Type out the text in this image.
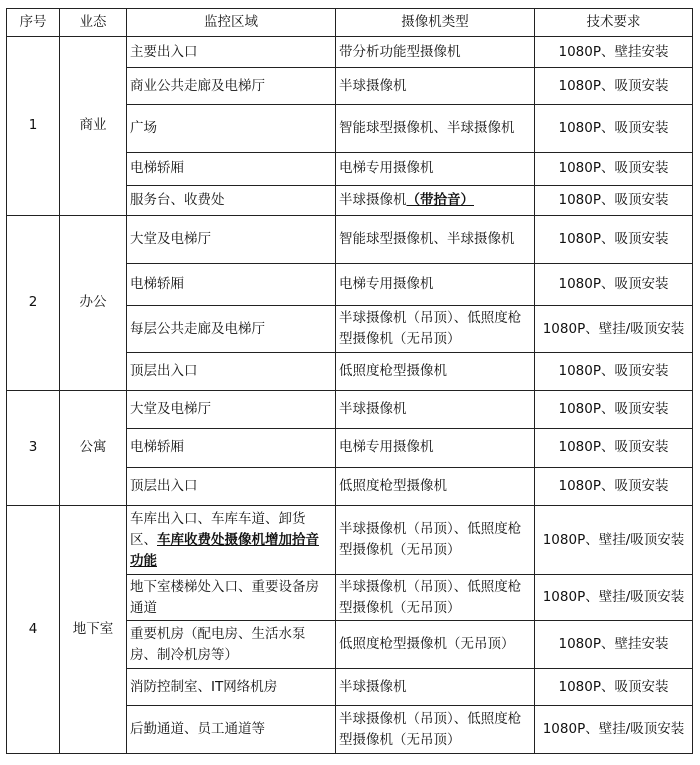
序号	业态	监控区域	摄像机类型	技术要求
1	商业	主要出入口	带分析功能型摄像机	1080P、壁挂安装
		商业公共走廊及电梯厅	半球摄像机	1080P、吸顶安装
		广场	智能球型摄像机、半球摄像机	1080P、吸顶安装
		电梯轿厢	电梯专用摄像机	1080P、吸顶安装
		服务台、收费处	半球摄像机（带拾音）	1080P、吸顶安装
2	办公	大堂及电梯厅	智能球型摄像机、半球摄像机	1080P、吸顶安装
		电梯轿厢	电梯专用摄像机	1080P、吸顶安装
		每层公共走廊及电梯厅	半球摄像机（吊顶）、低照度枪型摄像机（无吊顶）	1080P、壁挂/吸顶安装
		顶层出入口	低照度枪型摄像机	1080P、吸顶安装
3	公寓	大堂及电梯厅	半球摄像机	1080P、吸顶安装
		电梯轿厢	电梯专用摄像机	1080P、吸顶安装
		顶层出入口	低照度枪型摄像机	1080P、吸顶安装
4	地下室	车库出入口、车库车道、卸货区、车库收费处摄像机增加拾音功能	半球摄像机（吊顶）、低照度枪型摄像机（无吊顶）	1080P、壁挂/吸顶安装
		地下室楼梯处入口、重要设备房通道	半球摄像机（吊顶）、低照度枪型摄像机（无吊顶）	1080P、壁挂/吸顶安装
		重要机房（配电房、生活水泵房、制冷机房等）	低照度枪型摄像机（无吊顶）	1080P、壁挂安装
		消防控制室、IT网络机房	半球摄像机	1080P、吸顶安装
		后勤通道、员工通道等	半球摄像机（吊顶）、低照度枪型摄像机（无吊顶）	1080P、壁挂/吸顶安装
